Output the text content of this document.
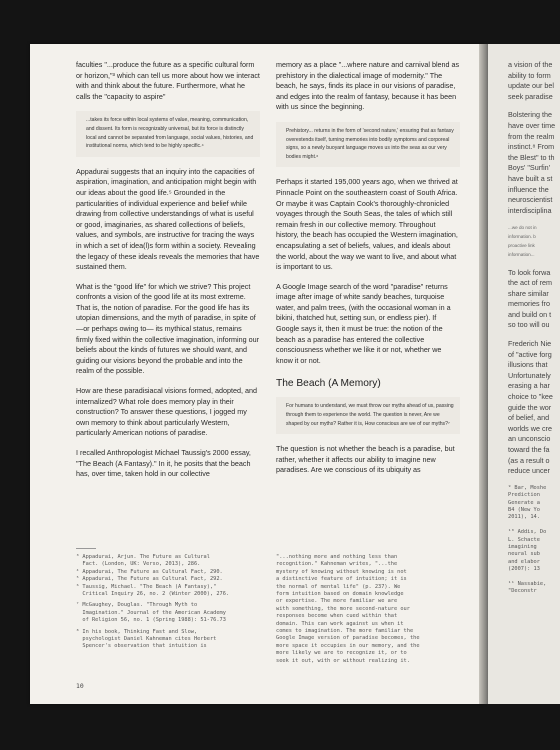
faculties "...produce the future as a specific cultural form or horizon,"³ which can tell us more about how we interact with and think about the future. Furthermore, what he calls the "capacity to aspire"

...takes its force within local systems of value, meaning, communication, and dissent. Its form is recognizably universal, but its force is distinctly local and cannot be separated from language, social values, histories, and institutional norms, which tend to be highly specific.⁴

Appadurai suggests that an inquiry into the capacities of aspiration, imagination, and anticipation might begin with our ideas about the good life.⁵ Grounded in the particularities of individual experience and belief while drawing from collective understandings of what is useful or good, imaginaries, as shared collections of beliefs, values, and symbols, are instructive for tracing the ways in which a set of idea(l)s form within a society. Revealing the legacy of these ideals reveals the memories that have sustained them.

What is the "good life" for which we strive? This project confronts a vision of the good life at its most extreme. That is, the notion of paradise. For the good life has its utopian dimensions, and the myth of paradise, in spite of —or perhaps owing to— its mythical status, remains firmly fixed within the collective imagination, informing our beliefs about the kinds of futures we should want, and guiding our visions beyond the probable and into the realm of the possible.

How are these paradisiacal visions formed, adopted, and internalized? What role does memory play in their construction? To answer these questions, I jogged my own memory to think about particularly Western, particularly American notions of paradise.

I recalled Anthropologist Michael Taussig's 2000 essay, "The Beach (A Fantasy)." In it, he posits that the beach has, over time, taken hold in our collective

memory as a place "...where nature and carnival blend as prehistory in the dialectical image of modernity." The beach, he says, finds its place in our visions of paradise, and edges into the realm of fantasy, because it has been with us since the beginning.

Prehistory... returns in the form of 'second nature,' ensuring that as fantasy overextends itself, turning memories into bodily symptoms and corporeal signs, so a newly buoyant language moves us into the seas as our very bodies might.⁶

Perhaps it started 195,000 years ago, when we thrived at Pinnacle Point on the southeastern coast of South Africa. Or maybe it was Captain Cook's thoroughly-chronicled voyages through the South Seas, the tales of which still remain fresh in our collective memory. Throughout history, the beach has occupied the Western imagination, encapsulating a set of beliefs, values, and ideals about the world, about the way we want to live, and about what is important to us.

A Google Image search of the word "paradise" returns image after image of white sandy beaches, turquoise water, and palm trees, (with the occasional woman in a bikini, thatched hut, setting sun, or endless pier). If Google says it, then it must be true: the notion of the beach as a paradise has entered the collective consciousness whether we like it or not, whether we know it or not.

The Beach (A Memory)
For humans to understand, we must throw our myths ahead of us, passing through them to experience the world. The question is never, Are we shaped by our myths? Rather it is, How conscious are we of our myths?⁷

The question is not whether the beach is a paradise, but rather, whether it affects our ability to imagine new paradises. Are we conscious of its ubiquity as

³ Appadurai, Arjun. The Future as Cultural
Fact. (London, UK: Verso, 2013), 286.
⁴ Appadurai, The Future as Cultural Fact, 290.
⁵ Appadurai, The Future as Cultural Fact, 292.
⁶ Taussig, Michael. "The Beach (A Fantasy),"
Critical Inquiry 26, no. 2 (Winter 2000), 276.
⁷ McGaughey, Douglas. "Through Myth to
Imagination." Journal of the American Academy
of Religion 56, no. 1 (Spring 1988): 51-76.73
⁸ In his book, Thinking Fast and Slow,
psychologist Daniel Kahneman cites Herbert
Spencer's observation that intuition is
"...nothing more and nothing less than
recognition." Kahneman writes, "...the
mystery of knowing without knowing is not
a distinctive feature of intuition; it is
the normal of mental life" (p. 237). We
form intuition based on domain knowledge
or expertise. The more familiar we are
with something, the more second-nature our
responses become when cued within that
domain. This can work against us when it
comes to imagination. The more familiar the
Google Image version of paradise becomes, the
more space it occupies in our memory, and the
more likely we are to recognize it, or to
seek it out, with or without realizing it.
10
a vision of the
ability to form
update our bel
seek paradise
Bolstering the
have over time
from the realm
instinct.⁸ From
the Blest" to th
Boys' "Surfin'
have built a st
influence the
neuroscientist
interdisciplina
...we do not in
information. b
proactive link
information...
To look forwa
the act of rem
share similar
memories fro
and build on t
so too will ou
Frederich Nie
of "active forg
illusions that
Unfortunately
erasing a har
choice to "kee
guide the wor
of belief, and
worlds we cre
an unconscio
toward the fa
(as a result o
reduce uncer
⁹ Bar, Moshe
Prediction
Generate a
B4 (New Yo
2011), 14.

¹⁰ Addis, Do
L. Schacte
imagining
neural sub
and elabor
(2007): 13

¹¹ Nassabie,
"Deconstr
